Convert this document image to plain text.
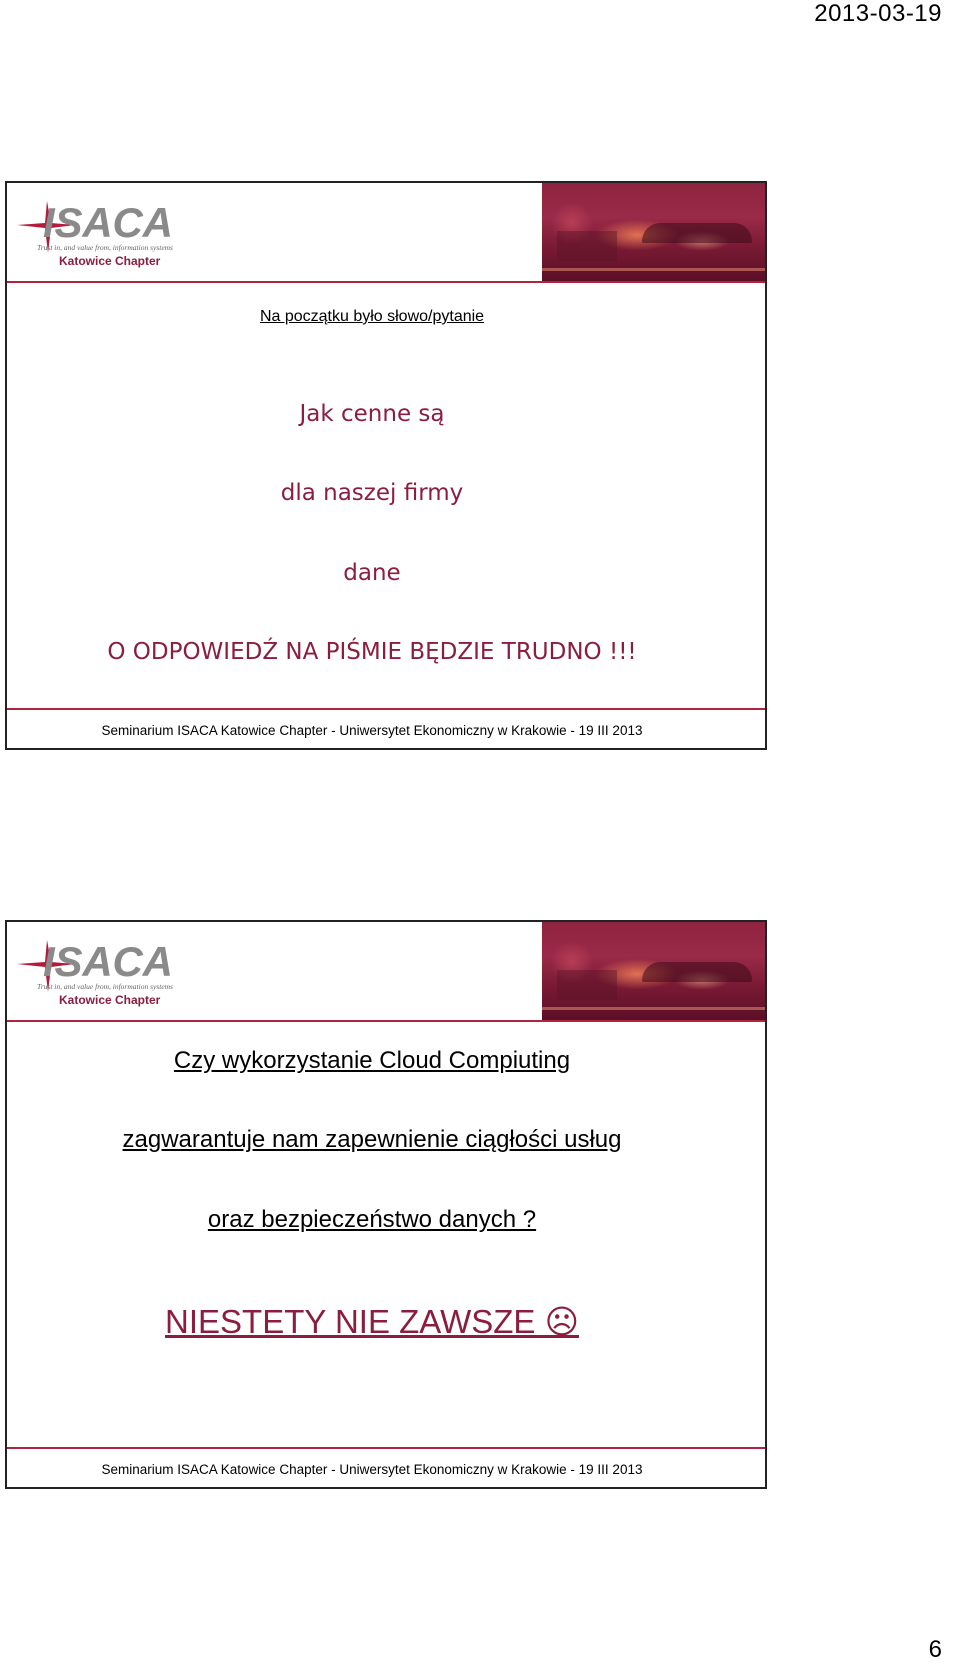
2013-03-19
ISACA
Trust in, and value from, information systems
Katowice Chapter
Na początku było słowo/pytanie
Jak cenne są
dla naszej firmy
dane
O ODPOWIEDŹ NA PIŚMIE BĘDZIE TRUDNO !!!
Seminarium ISACA Katowice Chapter - Uniwersytet Ekonomiczny w Krakowie - 19 III 2013
ISACA
Trust in, and value from, information systems
Katowice Chapter
Czy wykorzystanie Cloud Compiuting
zagwarantuje nam zapewnienie ciągłości usług
oraz bezpieczeństwo danych ?
NIESTETY NIE ZAWSZE ☹
Seminarium ISACA Katowice Chapter - Uniwersytet Ekonomiczny w Krakowie - 19 III 2013
6
